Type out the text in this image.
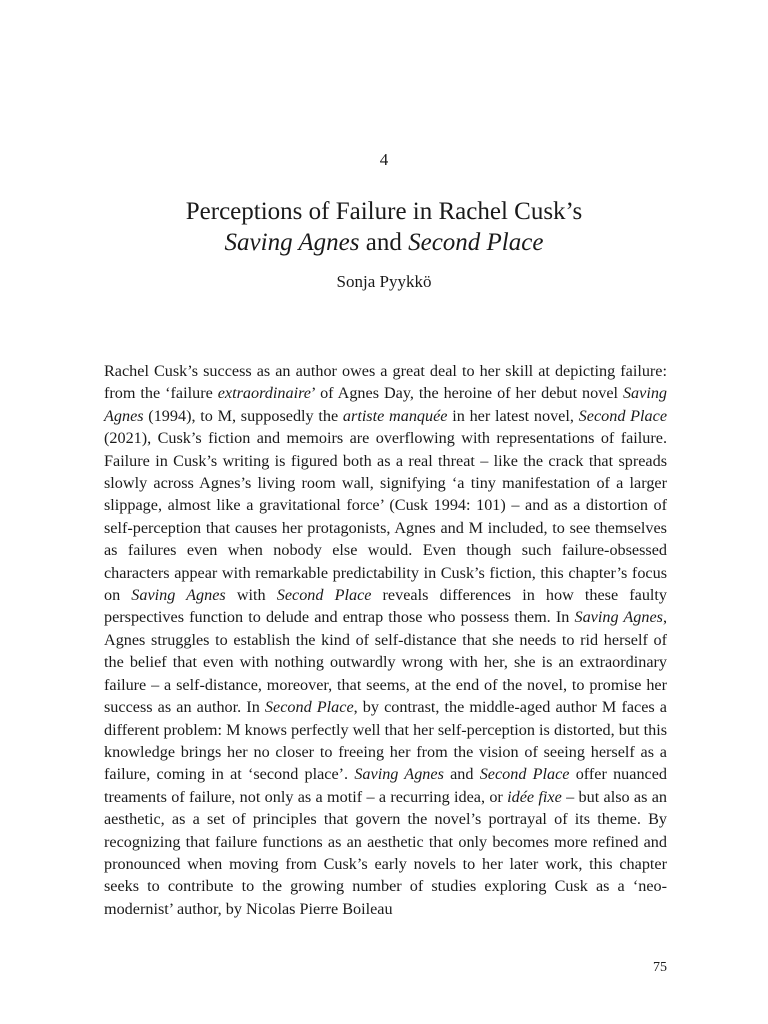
4
Perceptions of Failure in Rachel Cusk’s
Saving Agnes and Second Place
Sonja Pyykkö

Rachel Cusk’s success as an author owes a great deal to her skill at depicting failure: from the ‘failure extraordinaire’ of Agnes Day, the heroine of her debut novel Saving Agnes (1994), to M, supposedly the artiste manquée in her latest novel, Second Place (2021), Cusk’s fiction and memoirs are overflowing with representations of failure. Failure in Cusk’s writing is figured both as a real threat – like the crack that spreads slowly across Agnes’s living room wall, signifying ‘a tiny manifestation of a larger slippage, almost like a gravitational force’ (Cusk 1994: 101) – and as a distortion of self-perception that causes her protagonists, Agnes and M included, to see themselves as failures even when nobody else would. Even though such failure-obsessed characters appear with remarkable predictability in Cusk’s fiction, this chapter’s focus on Saving Agnes with Second Place reveals differences in how these faulty perspectives function to delude and entrap those who possess them. In Saving Agnes, Agnes struggles to establish the kind of self-distance that she needs to rid herself of the belief that even with nothing outwardly wrong with her, she is an extraordinary failure – a self-distance, moreover, that seems, at the end of the novel, to promise her success as an author. In Second Place, by contrast, the middle-aged author M faces a different problem: M knows perfectly well that her self-perception is distorted, but this knowledge brings her no closer to freeing her from the vision of seeing herself as a failure, coming in at ‘second place’. Saving Agnes and Second Place offer nuanced treaments of failure, not only as a motif – a recurring idea, or idée fixe – but also as an aesthetic, as a set of principles that govern the novel’s portrayal of its theme. By recognizing that failure functions as an aesthetic that only becomes more refined and pronounced when moving from Cusk’s early novels to her later work, this chapter seeks to contribute to the growing number of studies exploring Cusk as a ‘neo-modernist’ author, by Nicolas Pierre Boileau

75
